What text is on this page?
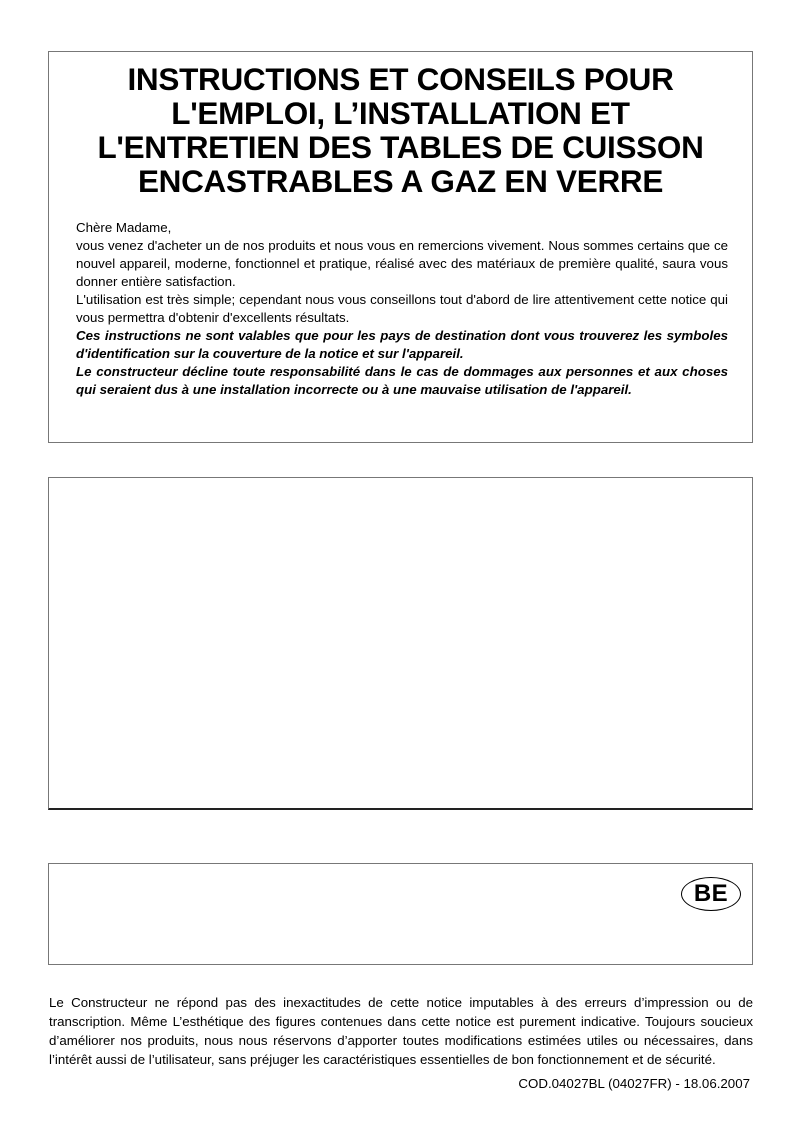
INSTRUCTIONS ET CONSEILS POUR
L'EMPLOI, L’INSTALLATION ET
L'ENTRETIEN DES TABLES DE CUISSON
ENCASTRABLES A GAZ EN VERRE

Chère Madame,

vous venez d'acheter un de nos produits et nous vous en remercions vivement. Nous sommes certains que ce nouvel appareil, moderne, fonctionnel et pratique, réalisé avec des matériaux de première qualité, saura vous donner entière satisfaction.

L'utilisation est très simple; cependant nous vous conseillons tout d'abord de lire attentivement cette notice qui vous permettra d'obtenir d'excellents résultats.

Ces instructions ne sont valables que pour les pays de destination dont vous trouverez les symboles d'identification sur la couverture de la notice et sur l'appareil.

Le constructeur décline toute responsabilité dans le cas de dommages aux personnes et aux choses qui seraient dus à une installation incorrecte ou à une mauvaise utilisation de l'appareil.

BE

Le Constructeur ne répond pas des inexactitudes de cette notice imputables à des erreurs d’impression ou de transcription. Même L’esthétique des figures contenues dans cette notice est purement indicative. Toujours soucieux d’améliorer nos produits, nous nous réservons d’apporter toutes modifications estimées utiles ou nécessaires, dans l’intérêt aussi de l’utilisateur, sans préjuger les caractéristiques essentielles de bon fonctionnement et de sécurité.

COD.04027BL (04027FR) - 18.06.2007
